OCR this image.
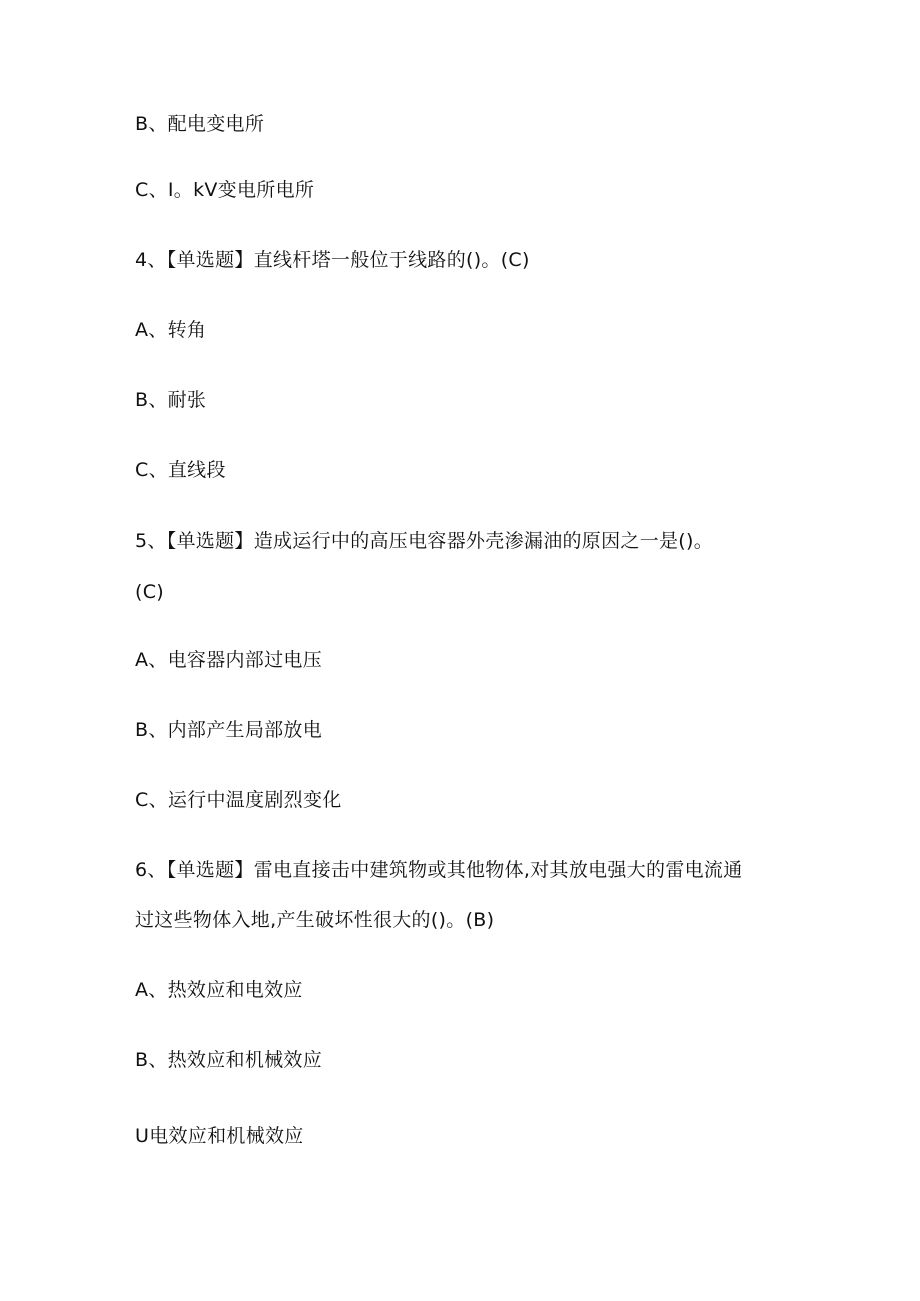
B、配电变电所
C、I。kV变电所电所
4、【单选题】直线杆塔一般位于线路的()。(C)
A、转角
B、耐张
C、直线段
5、【单选题】造成运行中的高压电容器外壳渗漏油的原因之一是()。
(C)
A、电容器内部过电压
B、内部产生局部放电
C、运行中温度剧烈变化
6、【单选题】雷电直接击中建筑物或其他物体,对其放电强大的雷电流通
过这些物体入地,产生破坏性很大的()。(B)
A、热效应和电效应
B、热效应和机械效应
U电效应和机械效应
